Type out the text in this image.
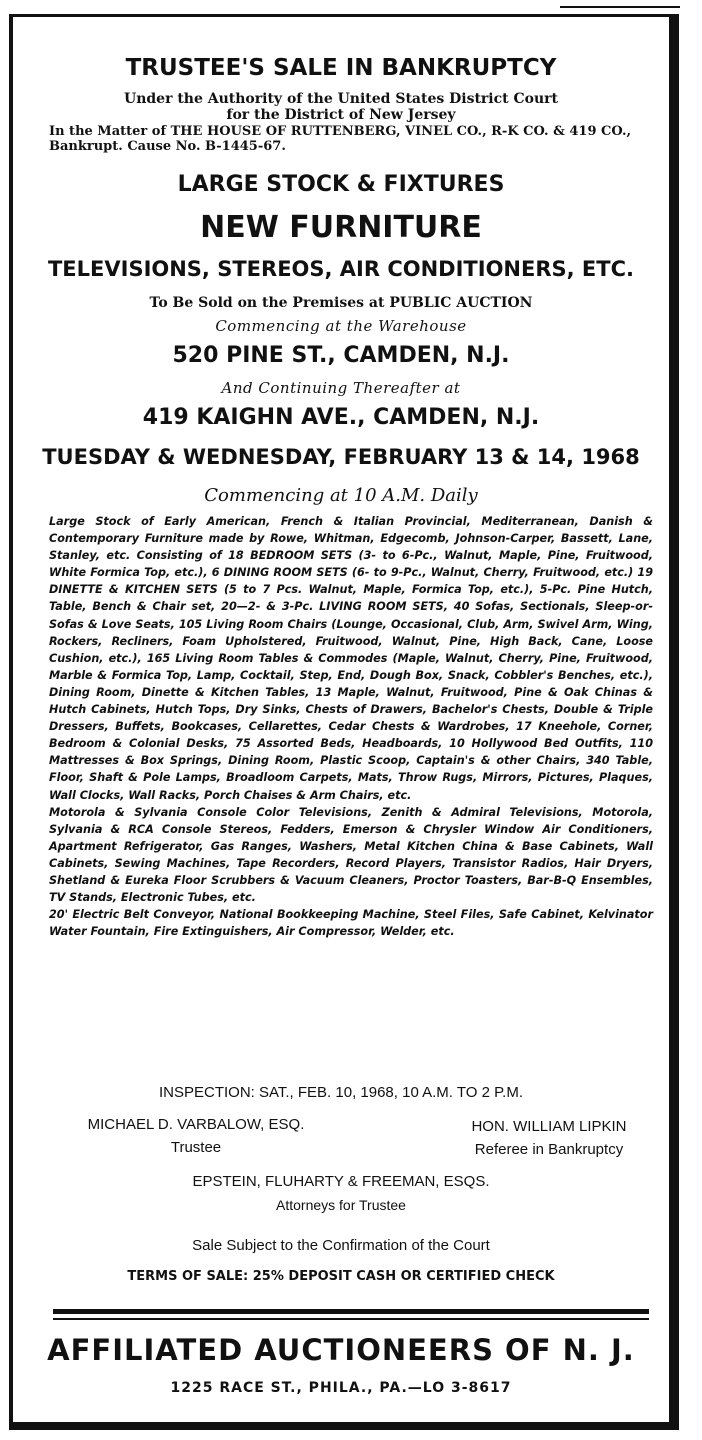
TRUSTEE'S SALE IN BANKRUPTCY
Under the Authority of the United States District Court
for the District of New Jersey
In the Matter of THE HOUSE OF RUTTENBERG, VINEL CO., R-K CO. & 419 CO., Bankrupt. Cause No. B-1445-67.
LARGE STOCK & FIXTURES
NEW FURNITURE
TELEVISIONS, STEREOS, AIR CONDITIONERS, ETC.
To Be Sold on the Premises at PUBLIC AUCTION
Commencing at the Warehouse
520 PINE ST., CAMDEN, N.J.
And Continuing Thereafter at
419 KAIGHN AVE., CAMDEN, N.J.
TUESDAY & WEDNESDAY, FEBRUARY 13 & 14, 1968
Commencing at 10 A.M. Daily

Large Stock of Early American, French & Italian Provincial, Mediterranean, Danish & Contemporary Furniture made by Rowe, Whitman, Edgecomb, Johnson-Carper, Bassett, Lane, Stanley, etc. Consisting of 18 BEDROOM SETS (3- to 6-Pc., Walnut, Maple, Pine, Fruitwood, White Formica Top, etc.), 6 DINING ROOM SETS (6- to 9-Pc., Walnut, Cherry, Fruitwood, etc.) 19 DINETTE & KITCHEN SETS (5 to 7 Pcs. Walnut, Maple, Formica Top, etc.), 5-Pc. Pine Hutch, Table, Bench & Chair set, 20—2- & 3-Pc. LIVING ROOM SETS, 40 Sofas, Sectionals, Sleep-or-Sofas & Love Seats, 105 Living Room Chairs (Lounge, Occasional, Club, Arm, Swivel Arm, Wing, Rockers, Recliners, Foam Upholstered, Fruitwood, Walnut, Pine, High Back, Cane, Loose Cushion, etc.), 165 Living Room Tables & Commodes (Maple, Walnut, Cherry, Pine, Fruitwood, Marble & Formica Top, Lamp, Cocktail, Step, End, Dough Box, Snack, Cobbler's Benches, etc.), Dining Room, Dinette & Kitchen Tables, 13 Maple, Walnut, Fruitwood, Pine & Oak Chinas & Hutch Cabinets, Hutch Tops, Dry Sinks, Chests of Drawers, Bachelor's Chests, Double & Triple Dressers, Buffets, Bookcases, Cellarettes, Cedar Chests & Wardrobes, 17 Kneehole, Corner, Bedroom & Colonial Desks, 75 Assorted Beds, Headboards, 10 Hollywood Bed Outfits, 110 Mattresses & Box Springs, Dining Room, Plastic Scoop, Captain's & other Chairs, 340 Table, Floor, Shaft & Pole Lamps, Broadloom Carpets, Mats, Throw Rugs, Mirrors, Pictures, Plaques, Wall Clocks, Wall Racks, Porch Chaises & Arm Chairs, etc.

Motorola & Sylvania Console Color Televisions, Zenith & Admiral Televisions, Motorola, Sylvania & RCA Console Stereos, Fedders, Emerson & Chrysler Window Air Conditioners, Apartment Refrigerator, Gas Ranges, Washers, Metal Kitchen China & Base Cabinets, Wall Cabinets, Sewing Machines, Tape Recorders, Record Players, Transistor Radios, Hair Dryers, Shetland & Eureka Floor Scrubbers & Vacuum Cleaners, Proctor Toasters, Bar-B-Q Ensembles, TV Stands, Electronic Tubes, etc.

20' Electric Belt Conveyor, National Bookkeeping Machine, Steel Files, Safe Cabinet, Kelvinator Water Fountain, Fire Extinguishers, Air Compressor, Welder, etc.

INSPECTION: SAT., FEB. 10, 1968, 10 A.M. TO 2 P.M.
MICHAEL D. VARBALOW, ESQ.
Trustee
HON. WILLIAM LIPKIN
Referee in Bankruptcy
EPSTEIN, FLUHARTY & FREEMAN, ESQS.
Attorneys for Trustee
Sale Subject to the Confirmation of the Court
TERMS OF SALE: 25% DEPOSIT CASH OR CERTIFIED CHECK
AFFILIATED AUCTIONEERS OF N. J.
1225 RACE ST., PHILA., PA.—LO 3-8617
